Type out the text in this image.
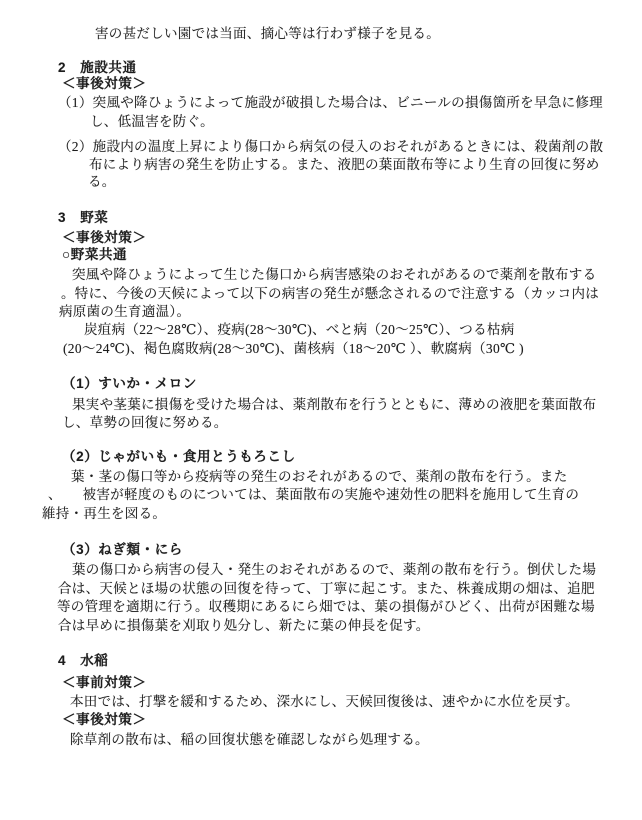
害の甚だしい園では当面、摘心等は行わず様子を見る。
2　施設共通
＜事後対策＞
（1）突風や降ひょうによって施設が破損した場合は、ビニールの損傷箇所を早急に修理
し、低温害を防ぐ。
（2）施設内の温度上昇により傷口から病気の侵入のおそれがあるときには、殺菌剤の散
布により病害の発生を防止する。また、液肥の葉面散布等により生育の回復に努め
る。
3　野菜
＜事後対策＞
○野菜共通
突風や降ひょうによって生じた傷口から病害感染のおそれがあるので薬剤を散布する
。特に、今後の天候によって以下の病害の発生が懸念されるので注意する（カッコ内は
病原菌の生育適温）。
炭疽病（22～28℃）、疫病(28～30℃)、べと病（20～25℃）、つる枯病
(20～24℃)、褐色腐敗病(28～30℃)、菌核病（18～20℃ ）、軟腐病（30℃ )
（1）すいか・メロン
果実や茎葉に損傷を受けた場合は、薬剤散布を行うとともに、薄めの液肥を葉面散布
し、草勢の回復に努める。
（2）じゃがいも・食用とうもろこし
葉・茎の傷口等から疫病等の発生のおそれがあるので、薬剤の散布を行う。また
、　　被害が軽度のものについては、葉面散布の実施や速効性の肥料を施用して生育の
維持・再生を図る。
（3）ねぎ類・にら
葉の傷口から病害の侵入・発生のおそれがあるので、薬剤の散布を行う。倒伏した場
合は、天候とほ場の状態の回復を待って、丁寧に起こす。また、株養成期の畑は、追肥
等の管理を適期に行う。収穫期にあるにら畑では、葉の損傷がひどく、出荷が困難な場
合は早めに損傷葉を刈取り処分し、新たに葉の伸長を促す。
4　水稲
＜事前対策＞
本田では、打撃を緩和するため、深水にし、天候回復後は、速やかに水位を戻す。
＜事後対策＞
除草剤の散布は、稲の回復状態を確認しながら処理する。
